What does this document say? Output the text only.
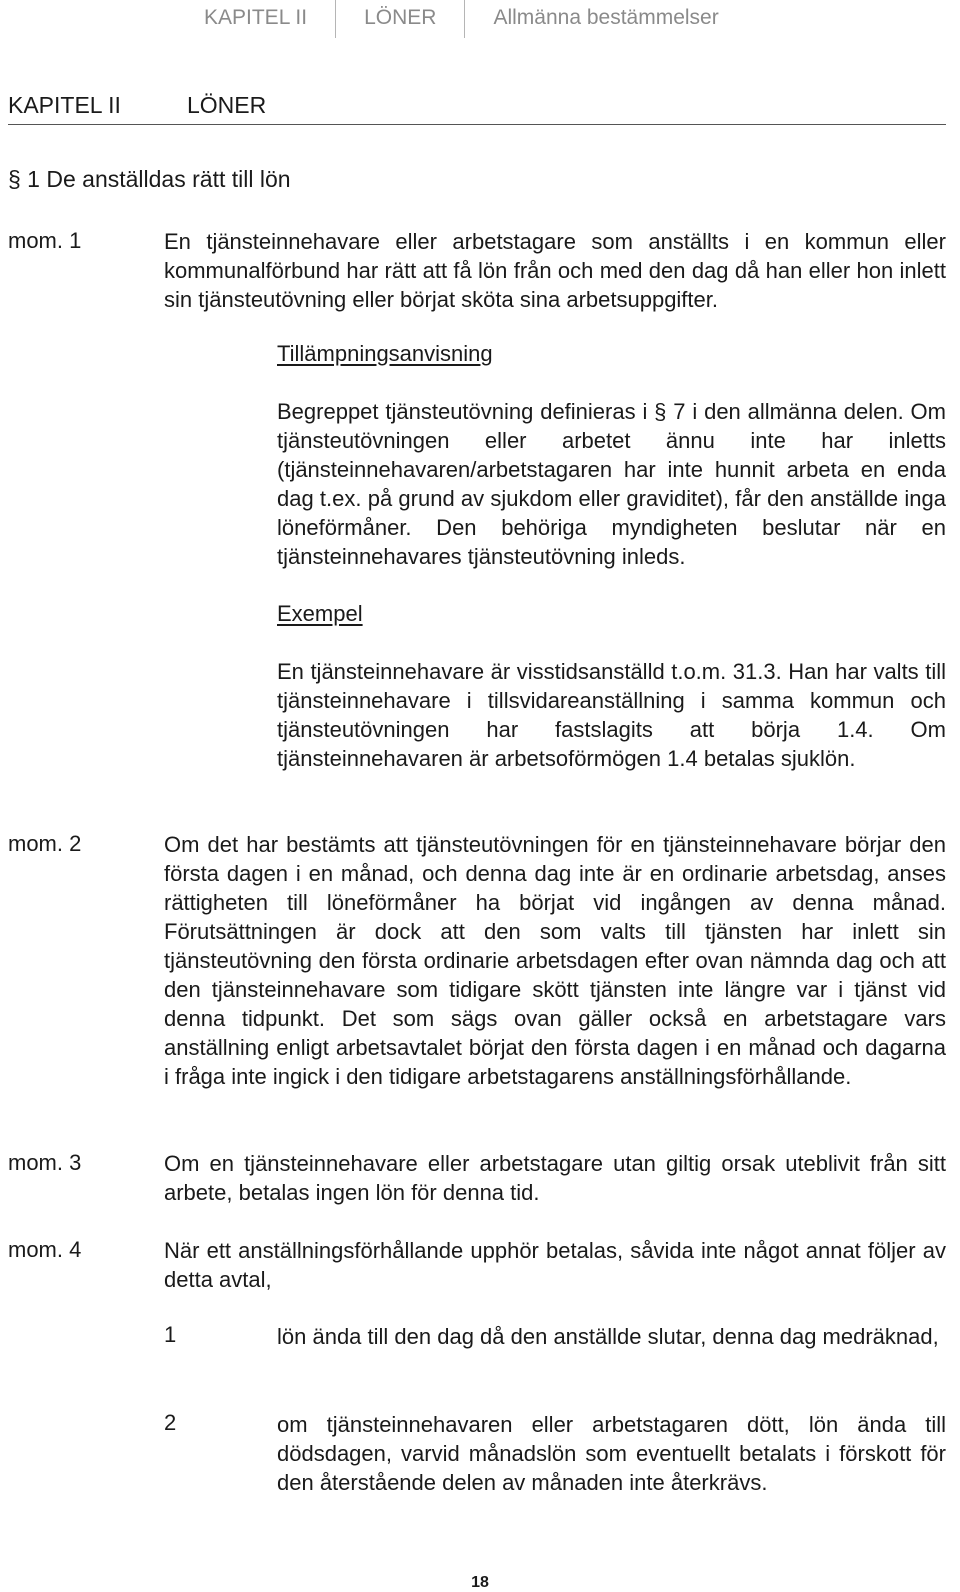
KAPITEL II	LÖNER	Allmänna bestämmelser
KAPITEL II	LÖNER
§ 1 De anställdas rätt till lön
mom. 1	En tjänsteinnehavare eller arbetstagare som anställts i en kommun eller kommunalförbund har rätt att få lön från och med den dag då han eller hon inlett sin tjänsteutövning eller börjat sköta sina arbetsuppgifter.
Tillämpningsanvisning
Begreppet tjänsteutövning definieras i § 7 i den allmänna delen. Om tjänsteutövningen eller arbetet ännu inte har inletts (tjänsteinnehavaren/arbetstagaren har inte hunnit arbeta en enda dag t.ex. på grund av sjukdom eller graviditet), får den anställde inga löneförmåner. Den behöriga myndigheten beslutar när en tjänsteinnehavares tjänsteutövning inleds.
Exempel
En tjänsteinnehavare är visstidsanställd t.o.m. 31.3. Han har valts till tjänsteinnehavare i tillsvidareanställning i samma kommun och tjänsteutövningen har fastslagits att börja 1.4. Om tjänsteinnehavaren är arbetsoförmögen 1.4 betalas sjuklön.
mom. 2	Om det har bestämts att tjänsteutövningen för en tjänsteinnehavare börjar den första dagen i en månad, och denna dag inte är en ordinarie arbetsdag, anses rättigheten till löneförmåner ha börjat vid ingången av denna månad. Förutsättningen är dock att den som valts till tjänsten har inlett sin tjänsteutövning den första ordinarie arbetsdagen efter ovan nämnda dag och att den tjänsteinnehavare som tidigare skött tjänsten inte längre var i tjänst vid denna tidpunkt. Det som sägs ovan gäller också en arbetstagare vars anställning enligt arbetsavtalet börjat den första dagen i en månad och dagarna i fråga inte ingick i den tidigare arbetstagarens anställningsförhållande.
mom. 3	Om en tjänsteinnehavare eller arbetstagare utan giltig orsak uteblivit från sitt arbete, betalas ingen lön för denna tid.
mom. 4	När ett anställningsförhållande upphör betalas, såvida inte något annat följer av detta avtal,
1	lön ända till den dag då den anställde slutar, denna dag medräknad,
2	om tjänsteinnehavaren eller arbetstagaren dött, lön ända till dödsdagen, varvid månadslön som eventuellt betalats i förskott för den återstående delen av månaden inte återkrävs.
18
